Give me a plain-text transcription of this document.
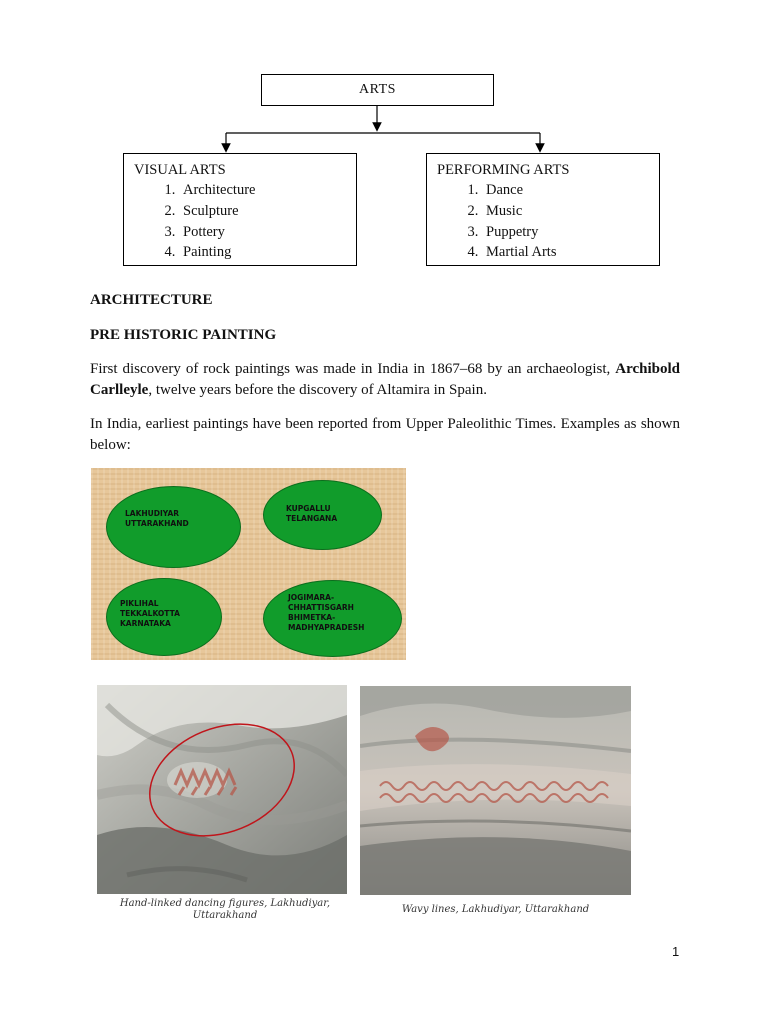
ARTS
VISUAL ARTS
1. Architecture
2. Sculpture
3. Pottery
4. Painting
PERFORMING ARTS
1. Dance
2. Music
3. Puppetry
4. Martial Arts
ARCHITECTURE
PRE HISTORIC PAINTING
First discovery of rock paintings was made in India in 1867–68 by an archaeologist, Archibold Carlleyle, twelve years before the discovery of Altamira in Spain.
In India, earliest paintings have been reported from Upper Paleolithic Times. Examples as shown below:
LAKHUDIYAR
UTTARAKHAND
KUPGALLU
TELANGANA
PIKLIHAL
TEKKALKOTTA
KARNATAKA
JOGIMARA-
CHHATTISGARH
BHIMETKA-
MADHYAPRADESH
Hand-linked dancing figures, Lakhudiyar, Uttarakhand
Wavy lines, Lakhudiyar, Uttarakhand
1
